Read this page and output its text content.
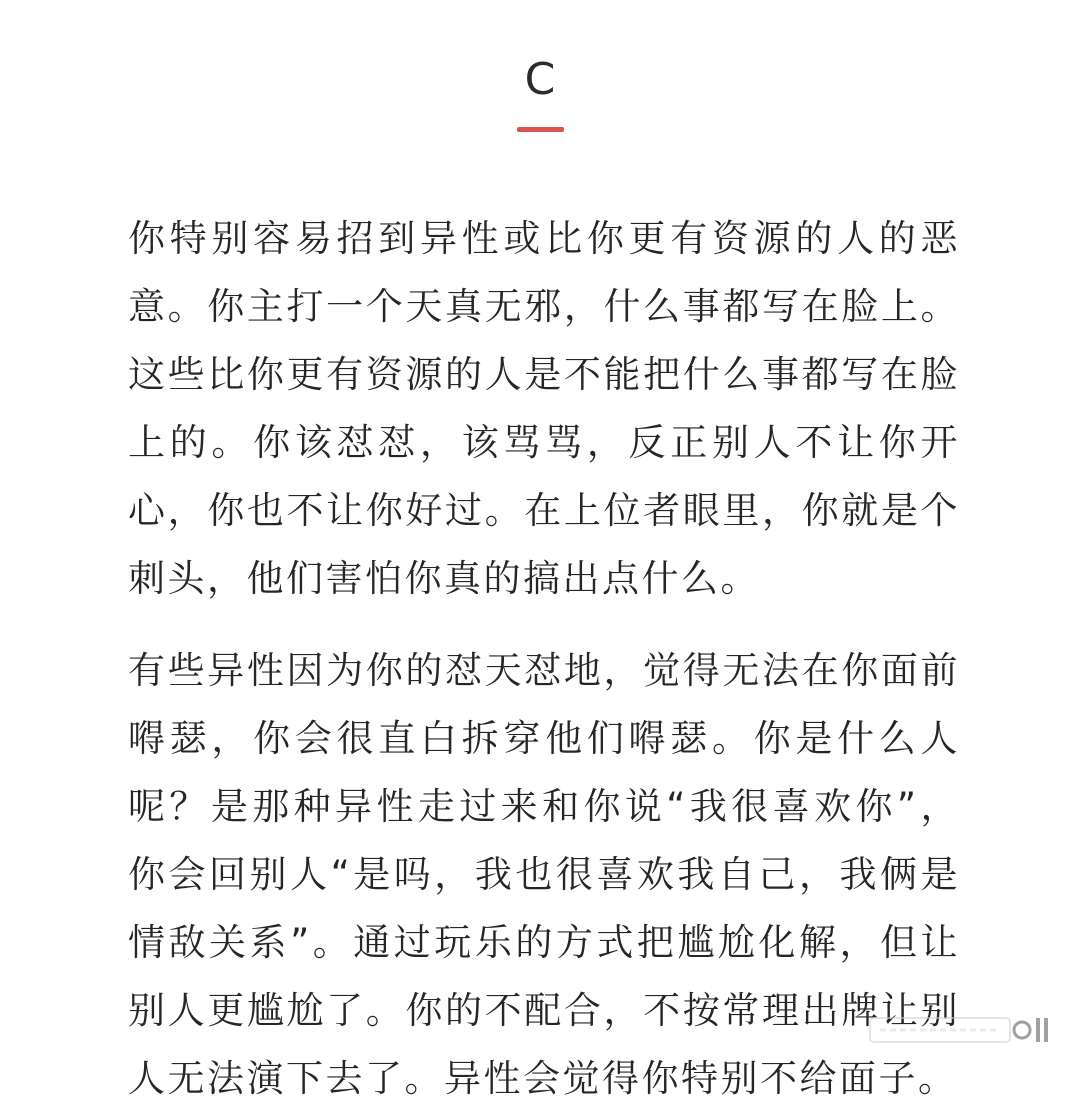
C

你特别容易招到异性或比你更有资源的人的恶意。你主打一个天真无邪，什么事都写在脸上。这些比你更有资源的人是不能把什么事都写在脸上的。你该怼怼，该骂骂，反正别人不让你开心，你也不让你好过。在上位者眼里，你就是个刺头，他们害怕你真的搞出点什么。

有些异性因为你的怼天怼地，觉得无法在你面前嘚瑟，你会很直白拆穿他们嘚瑟。你是什么人呢？是那种异性走过来和你说“我很喜欢你”，你会回别人“是吗，我也很喜欢我自己，我俩是情敌关系”。通过玩乐的方式把尴尬化解，但让别人更尴尬了。你的不配合，不按常理出牌让别人无法演下去了。异性会觉得你特别不给面子。
